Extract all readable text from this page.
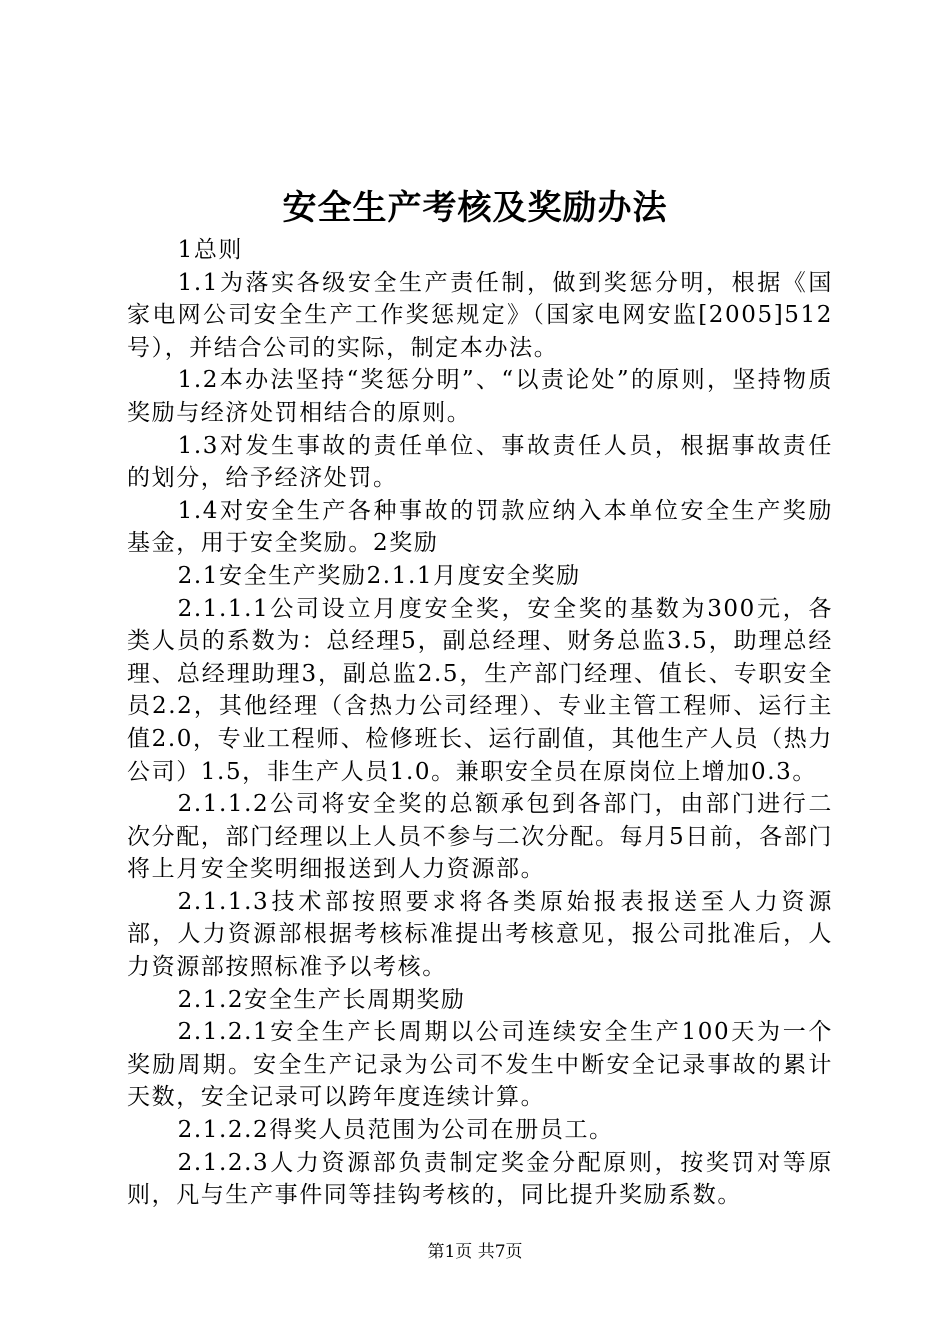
安全生产考核及奖励办法

1总则

1.1为落实各级安全生产责任制，做到奖惩分明，根据《国家电网公司安全生产工作奖惩规定》（国家电网安监[2005]512号），并结合公司的实际，制定本办法。

1.2本办法坚持“奖惩分明”、“以责论处”的原则，坚持物质奖励与经济处罚相结合的原则。

1.3对发生事故的责任单位、事故责任人员，根据事故责任的划分，给予经济处罚。

1.4对安全生产各种事故的罚款应纳入本单位安全生产奖励基金，用于安全奖励。2奖励

2.1安全生产奖励2.1.1月度安全奖励

2.1.1.1公司设立月度安全奖，安全奖的基数为300元，各类人员的系数为：总经理5，副总经理、财务总监3.5，助理总经理、总经理助理3，副总监2.5，生产部门经理、值长、专职安全员2.2，其他经理（含热力公司经理）、专业主管工程师、运行主值2.0，专业工程师、检修班长、运行副值，其他生产人员（热力公司）1.5，非生产人员1.0。兼职安全员在原岗位上增加0.3。

2.1.1.2公司将安全奖的总额承包到各部门，由部门进行二次分配，部门经理以上人员不参与二次分配。每月5日前，各部门将上月安全奖明细报送到人力资源部。

2.1.1.3技术部按照要求将各类原始报表报送至人力资源部，人力资源部根据考核标准提出考核意见，报公司批准后，人力资源部按照标准予以考核。

2.1.2安全生产长周期奖励

2.1.2.1安全生产长周期以公司连续安全生产100天为一个奖励周期。安全生产记录为公司不发生中断安全记录事故的累计天数，安全记录可以跨年度连续计算。

2.1.2.2得奖人员范围为公司在册员工。

2.1.2.3人力资源部负责制定奖金分配原则，按奖罚对等原则，凡与生产事件同等挂钩考核的，同比提升奖励系数。

第1页 共7页
